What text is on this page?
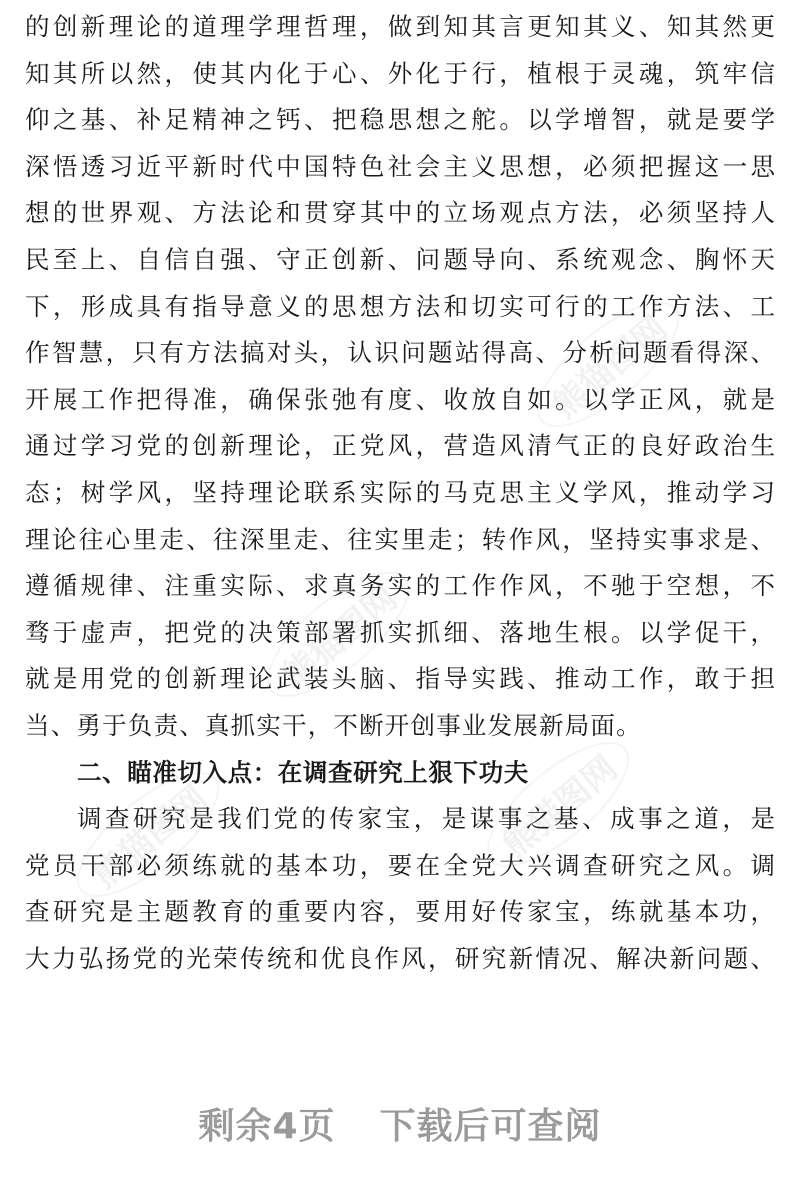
熊猫图网
熊猫图网
熊猫图网
熊猫图网
的创新理论的道理学理哲理，做到知其言更知其义、知其然更
知其所以然，使其内化于心、外化于行，植根于灵魂，筑牢信
仰之基、补足精神之钙、把稳思想之舵。以学增智，就是要学
深悟透习近平新时代中国特色社会主义思想，必须把握这一思
想的世界观、方法论和贯穿其中的立场观点方法，必须坚持人
民至上、自信自强、守正创新、问题导向、系统观念、胸怀天
下，形成具有指导意义的思想方法和切实可行的工作方法、工
作智慧，只有方法搞对头，认识问题站得高、分析问题看得深、
开展工作把得准，确保张弛有度、收放自如。以学正风，就是
通过学习党的创新理论，正党风，营造风清气正的良好政治生
态；树学风，坚持理论联系实际的马克思主义学风，推动学习
理论往心里走、往深里走、往实里走；转作风，坚持实事求是、
遵循规律、注重实际、求真务实的工作作风，不驰于空想，不
骛于虚声，把党的决策部署抓实抓细、落地生根。以学促干，
就是用党的创新理论武装头脑、指导实践、推动工作，敢于担
当、勇于负责、真抓实干，不断开创事业发展新局面。
二、瞄准切入点：在调查研究上狠下功夫
调查研究是我们党的传家宝，是谋事之基、成事之道，是
党员干部必须练就的基本功，要在全党大兴调查研究之风。调
查研究是主题教育的重要内容，要用好传家宝，练就基本功，
大力弘扬党的光荣传统和优良作风，研究新情况、解决新问题、
剩余4页 下载后可查阅
